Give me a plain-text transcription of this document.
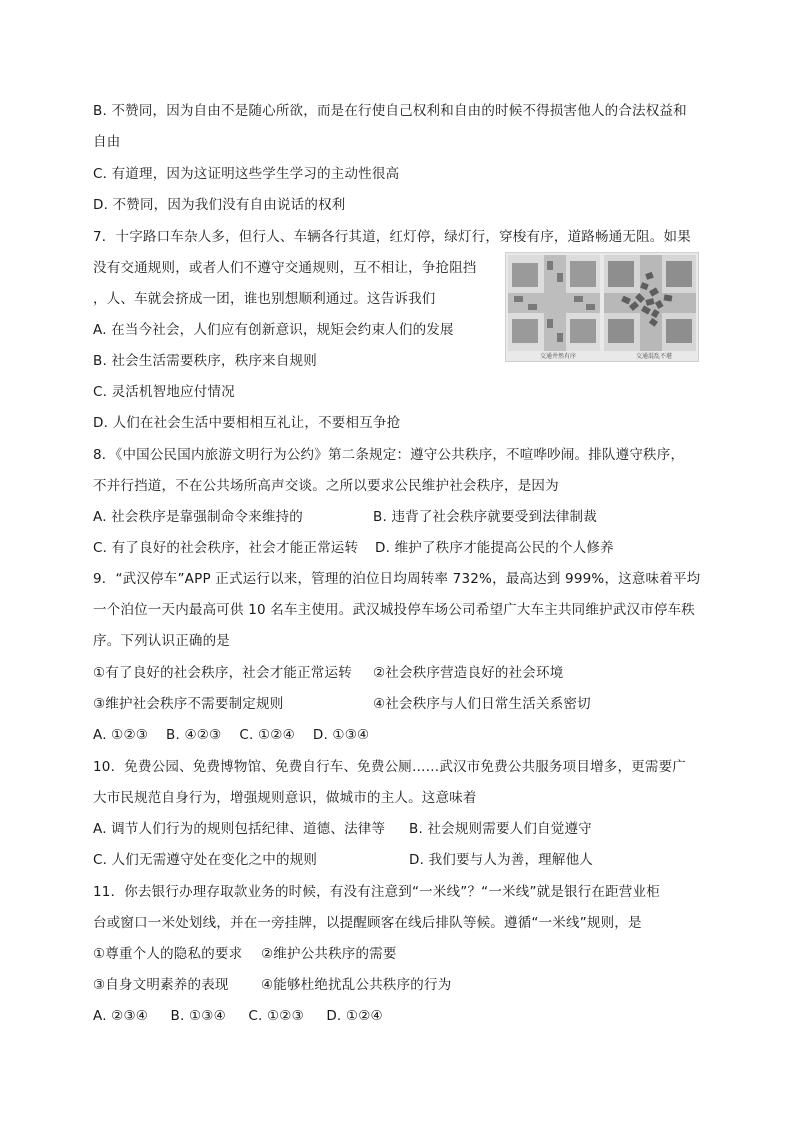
B. 不赞同，因为自由不是随心所欲，而是在行使自己权利和自由的时候不得损害他人的合法权益和
自由
C. 有道理，因为这证明这些学生学习的主动性很高
D. 不赞同，因为我们没有自由说话的权利
7．十字路口车杂人多，但行人、车辆各行其道，红灯停，绿灯行，穿梭有序，道路畅通无阻。如果
没有交通规则，或者人们不遵守交通规则，互不相让，争抢阻挡
，人、车就会挤成一团，谁也别想顺利通过。这告诉我们
A. 在当今社会，人们应有创新意识，规矩会约束人们的发展
B. 社会生活需要秩序，秩序来自规则
C. 灵活机智地应付情况
D. 人们在社会生活中要相相互礼让，不要相互争抢
交通井然有序	交通混乱不堪
8．《中国公民国内旅游文明行为公约》第二条规定：遵守公共秩序，不喧哗吵闹。排队遵守秩序，
不并行挡道，不在公共场所高声交谈。之所以要求公民维护社会秩序，是因为
A. 社会秩序是靠强制命令来维持的	B. 违背了社会秩序就要受到法律制裁
C. 有了良好的社会秩序，社会才能正常运转 D. 维护了秩序才能提高公民的个人修养
9．“武汉停车”APP 正式运行以来，管理的泊位日均周转率 732%，最高达到 999%，这意味着平均
一个泊位一天内最高可供 10 名车主使用。武汉城投停车场公司希望广大车主共同维护武汉市停车秩
序。下列认识正确的是
①有了良好的社会秩序，社会才能正常运转 ②社会秩序营造良好的社会环境
③维护社会秩序不需要制定规则	④社会秩序与人们日常生活关系密切
A. ①②③    B. ④②③    C. ①②④    D. ①③④
10．免费公园、免费博物馆、免费自行车、免费公厕……武汉市免费公共服务项目增多，更需要广
大市民规范自身行为，增强规则意识，做城市的主人。这意味着
A. 调节人们行为的规则包括纪律、道德、法律等 B. 社会规则需要人们自觉遵守
C. 人们无需遵守处在变化之中的规则	D. 我们要与人为善，理解他人
11．你去银行办理存取款业务的时候，有没有注意到“一米线”？“一米线”就是银行在距营业柜
台或窗口一米处划线，并在一旁挂牌，以提醒顾客在线后排队等候。遵循“一米线”规则，是
①尊重个人的隐私的要求 ②维护公共秩序的需要
③自身文明素养的表现 ④能够杜绝扰乱公共秩序的行为
A. ②③④     B. ①③④     C. ①②③     D. ①②④
